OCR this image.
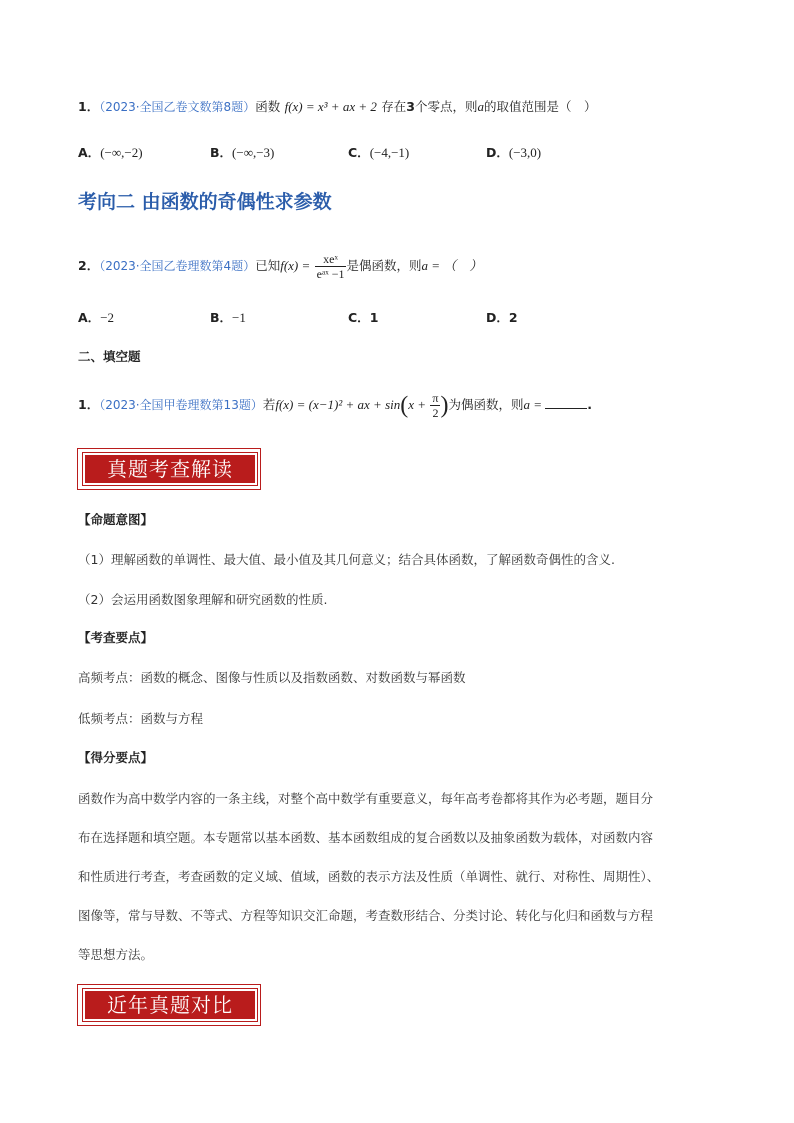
1．（2023·全国乙卷文数第8题）函数 f(x) = x³ + ax + 2 存在3个零点，则a的取值范围是（　）
A．(−∞,−2)	B．(−∞,−3)	C．(−4,−1)	D．(−3,0)
考向二 由函数的奇偶性求参数
2．（2023·全国乙卷理数第4题）已知$f(x) = \frac{\text{xeˣ}}{\text{eᵃˣ −1}}$ 是偶函数，则a = （　）
A．−2	B．−1	C．1	D．2
二、填空题
1．（2023·全国甲卷理数第13题）若f(x) = (x−1)² + ax + $\sin(x + \frac{\pi}{2}$ )为偶函数，则a =	.
真题考查解读
【命题意图】
（1）理解函数的单调性、最大值、最小值及其几何意义；结合具体函数，了解函数奇偶性的含义.
（2）会运用函数图象理解和研究函数的性质.
【考查要点】
高频考点：函数的概念、图像与性质以及指数函数、对数函数与幂函数
低频考点：函数与方程
【得分要点】
函数作为高中数学内容的一条主线，对整个高中数学有重要意义，每年高考卷都将其作为必考题，题目分
布在选择题和填空题。本专题常以基本函数、基本函数组成的复合函数以及抽象函数为载体，对函数内容
和性质进行考查，考查函数的定义域、值域，函数的表示方法及性质（单调性、就行、对称性、周期性）、
图像等，常与导数、不等式、方程等知识交汇命题，考查数形结合、分类讨论、转化与化归和函数与方程
等思想方法。
近年真题对比
